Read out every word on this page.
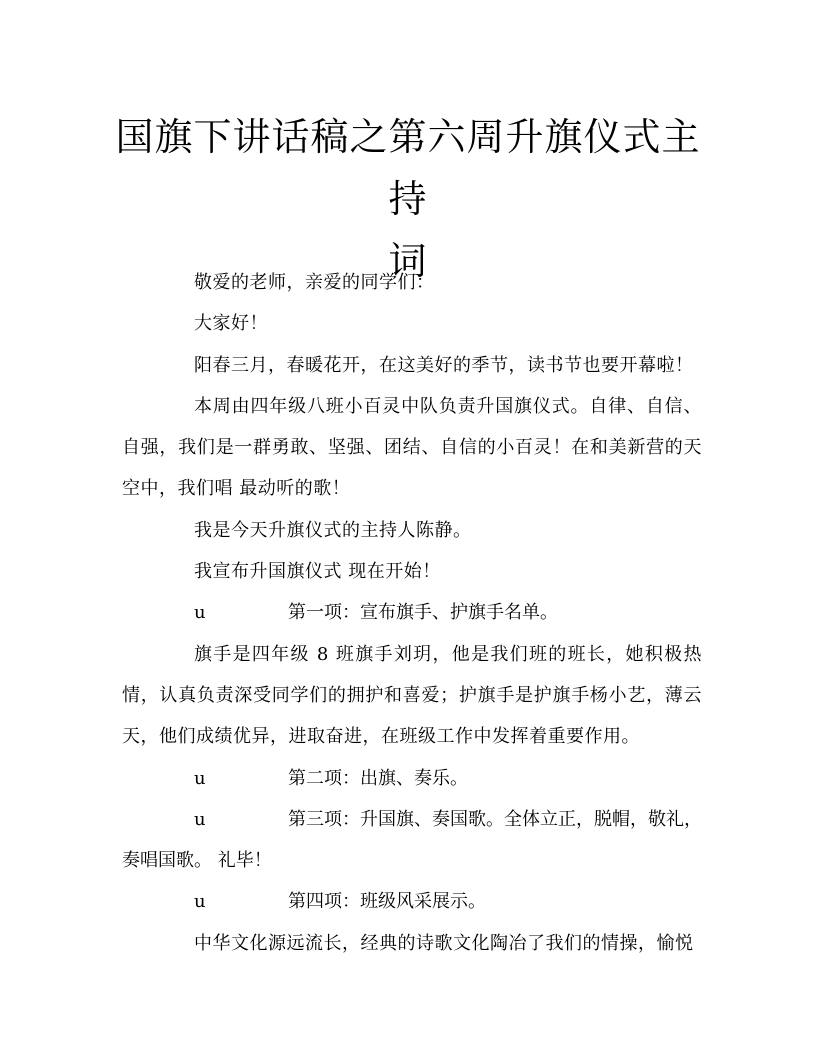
国旗下讲话稿之第六周升旗仪式主持
词

敬爱的老师，亲爱的同学们：

大家好！

阳春三月，春暖花开，在这美好的季节，读书节也要开幕啦！

本周由四年级八班小百灵中队负责升国旗仪式。自律、自信、自强，我们是一群勇敢、坚强、团结、自信的小百灵！在和美新营的天空中，我们唱 最动听的歌！

我是今天升旗仪式的主持人陈静。

我宣布升国旗仪式 现在开始！

u	第一项：宣布旗手、护旗手名单。

旗手是四年级 8 班旗手刘玥，他是我们班的班长，她积极热情，认真负责深受同学们的拥护和喜爱；护旗手是护旗手杨小艺，薄云天，他们成绩优异，进取奋进，在班级工作中发挥着重要作用。

u	第二项：出旗、奏乐。

u	第三项：升国旗、奏国歌。全体立正，脱帽，敬礼，
奏唱国歌。 礼毕！

u	第四项：班级风采展示。

中华文化源远流长，经典的诗歌文化陶冶了我们的情操，愉悦
